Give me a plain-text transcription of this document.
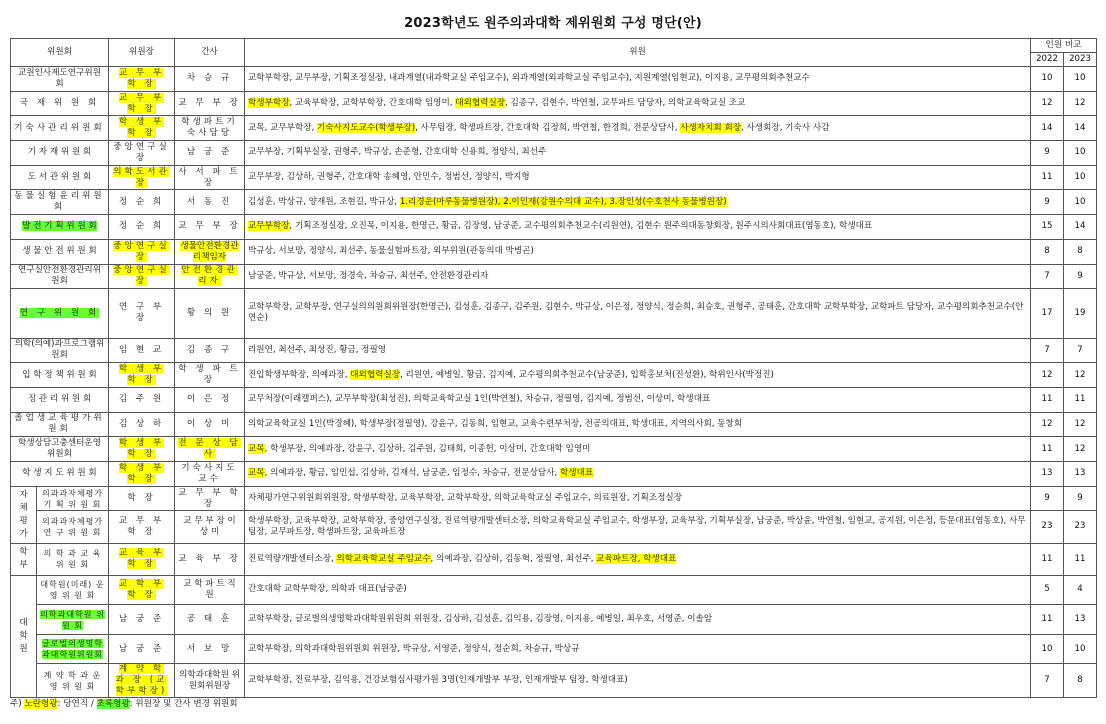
2023학년도 원주의과대학 제위원회 구성 명단(안)
위원회		위원장	간사	위원	인원 비교	
					2022	2023
교원인사제도연구위원회		교 무 부 학 장	차 승 규	교학부학장, 교무부장, 기획조정실장, 내과계열(내과학교실 주임교수), 외과계열(외과학교실 주임교수), 지원계열(임현교), 이지용, 교무평의회추천교수	10	10
국 제 위 원 회		교 무 부 학 장	교 무 부 장	학생부학장, 교육부학장, 교학부학장, 간호대학 임영미, 대외협력실장, 김종구, 김현수, 박연철, 교무파트 담당자, 의학교육학교실 조교	12	12
기숙사관리위원회		학 생 부 학 장	학생파트기숙사담당	교목, 교무부학장, 기숙사지도교수(학생부장), 사무팀장, 학생파트장, 간호대학 김정희, 박연철, 한경희, 전문상담사, 사생자치회 회장, 사생회장, 기숙사 사감	14	14
기 자 재 위 원 회		중앙연구실장	남 궁 준	교무부장, 기획부실장, 권형주, 박규상, 손준형, 간호대학 신용희, 정양식, 최선주	9	10
도 서 관 위 원 회		의학도서관장	사 서 파 트 장	교무부장, 김상하, 권형주, 간호대학 송혜영, 안민수, 정범선, 정양식, 박지형	11	10
동물실험윤리위원회		정 순 희	서 동 진	김성훈, 박상규, 양재원, 조현길, 박규상, 1.리경운(마루동물병원장), 2.이민재(강원수의대 교수), 3.장인성(수호천사 동물병원장)	9	10
발 전 기 획 위 원 회		정 순 희	교 무 부 장	교무부학장, 기획조정실장, 오진목, 이지용, 한명근, 황금, 김장영, 남궁준, 교수평의회추천교수(리원연), 김현수 원주의대동창회장, 원주시의사회대표(염동호), 학생대표	15	14
생 물 안 전 위 원 회		중앙연구실장	생물안전환경관리책임자	박규상, 서보망, 정양식, 최선주, 동물실험파트장, 외부위원(관동의대 박병곤)	8	8
연구실안전환경관리위원회		중앙연구실장	안전환경관리자	남궁준, 박규상, 서보망, 정경숙, 차승규, 최선주, 안전환경관리자	7	9
연 구 위 원 회		연 구 부 장	황 의 원	교학부학장, 교학부장, 연구실의의원회위원장(한명근), 김성훈, 김종구, 김주원, 김현수, 박규상, 이은정, 정양식, 정순희, 최승호, 권형주, 공태훈, 간호대학 교학부학장, 교학파트 담당자, 교수평의회추천교수(안연순)	17	19
의학(의예)과프로그램위원회		임 현 교	김 종 구	리원연, 최선주, 최성진, 황금, 정필영	7	7
입 학 정 책 위 원 회		학 생 부 학 장	학 생 파 트 장	진입학생부학장, 의예과장, 대외협력실장, 리원연, 예병일, 황금, 김지예, 교수평의회추천교수(남궁준), 입학홍보처(진성환), 학위인사(박정진)	12	12
징 관 리 위 원 회		김 주 원	이 은 정	교무처장(이래캘퍼스), 교무부학장(최성진), 의학교육학교실 1인(박연철), 차승규, 정필영, 김지예, 정범선, 이상미, 학생대표	11	11
졸업생교육평가위원회		김 상 하	이 상 미	의학교육학교실 1인(박경혜), 학생부장(정필영), 강윤구, 김동희, 임현교, 교육수련부처장, 전공의대표, 학생대표, 지역의사회, 동창회	12	12
학생상담고충센터운영위원회		학 생 부 학 장	전 문 상 담 사	교목, 학생부장, 의예과장, 강윤구, 김상하, 김주원, 김태희, 이종헌, 이상미, 간호대학 임영미	11	12
학 생 지 도 위 원 회		학 생 부 학 장	기숙사지도교수	교목, 의예과장, 황금, 임민섭, 김상하, 김재석, 남궁준, 임정수, 차승규, 전문상담사, 학생대표	13	13
자 체 평 가	의과과자체평가 기 획 위 원 회	학 장	교 무 부 학 장	자체평가연구위원회위원장, 학생부학장, 교육부학장, 교학부학장, 의학교육학교실 주임교수, 의료원장, 기획조정실장	9	9
	의과과자체평가 연 구 위 원 회	교 무 부 학 장	교 무 부 장 이 상 미	학생부학장, 교육부학장, 교학부학장, 중앙연구실장, 진료역량개발센터소장, 의학교육학교실 주임교수, 학생부장, 교육부장, 기획부실장, 남궁준, 박상윤, 박연철, 임현교, 공지원, 이은정, 등문대표(염동호), 사무팀장, 교무파트장, 학생파트장, 교육파트장	23	23
학 부	의 학 과 교 육 위 원 회	교 육 부 학 장	교 육 부 장	진료역량개발센터소장, 의학교육학교실 주임교수, 의예과장, 김상하, 김동혁, 정필영, 최선주, 교육파트장, 학생대표	11	11
대 학 원	대학원(미래) 운 영 위 원 회	교 학 부 학 장	교 학 파 트 직 원	간호대학 교학부학장, 의학과 대표(남궁준)	5	4
	의학과대학원 위 원 회	남 궁 준	공 태 훈	교학부학장, 글로벌의생명학과대학원위원회 위원장, 김상하, 김성훈, 김익용, 김장영, 이지용, 예병일, 최우호, 서영준, 이솔암	11	13
	글로벌의생명학과대학원위원회	남 궁 준	서 보 망	교학부학장, 의학과대학원위원회 위원장, 박규상, 서영준, 정양식, 정순희, 차승규, 박상규	10	10
	계 약 학 과 운 영 위 원 회	계 약 학 과 장 (교학부학장)	의학과대학원 위원회위원장	교학부학장, 진료부장, 김익용, 건강보험심사평가원 3명(인재개발부 부장, 인재개발부 팀장, 학생대표)	7	8
주) 노란형광: 당연직 / 초록형광: 위원장 및 간사 변경 위원회
